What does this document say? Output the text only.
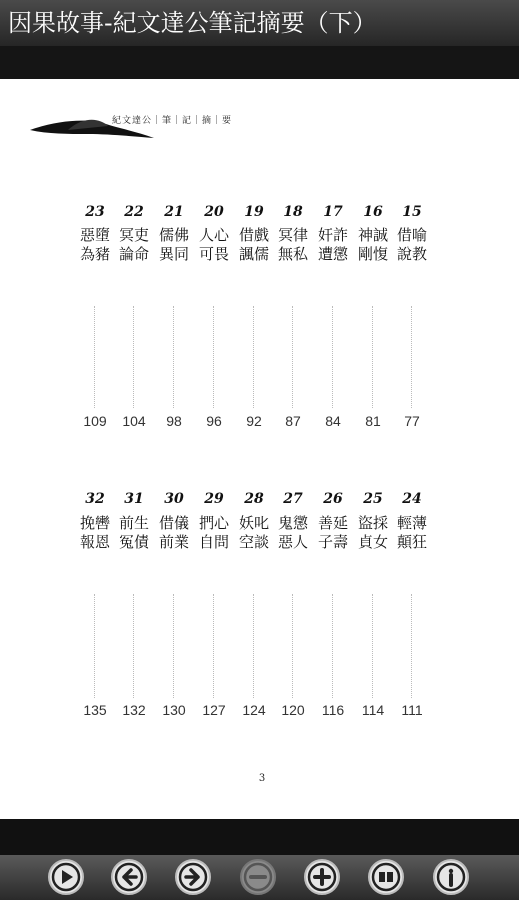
因果故事-紀文達公筆記摘要（下）
紀文達公｜筆｜記｜摘｜要
23
惡墮為豬
109
22
冥吏論命
104
21
儒佛異同
98
20
人心可畏
96
19
借戲諷儒
92
18
冥律無私
87
17
奸詐遭懲
84
16
神誠剛愎
81
15
借喻說教
77
32
挽轡報恩
135
31
前生冤債
132
30
借儀前業
130
29
捫心自問
127
28
妖叱空談
124
27
鬼懲惡人
120
26
善延子壽
116
25
盜採貞女
114
24
輕薄顛狂
111
3
